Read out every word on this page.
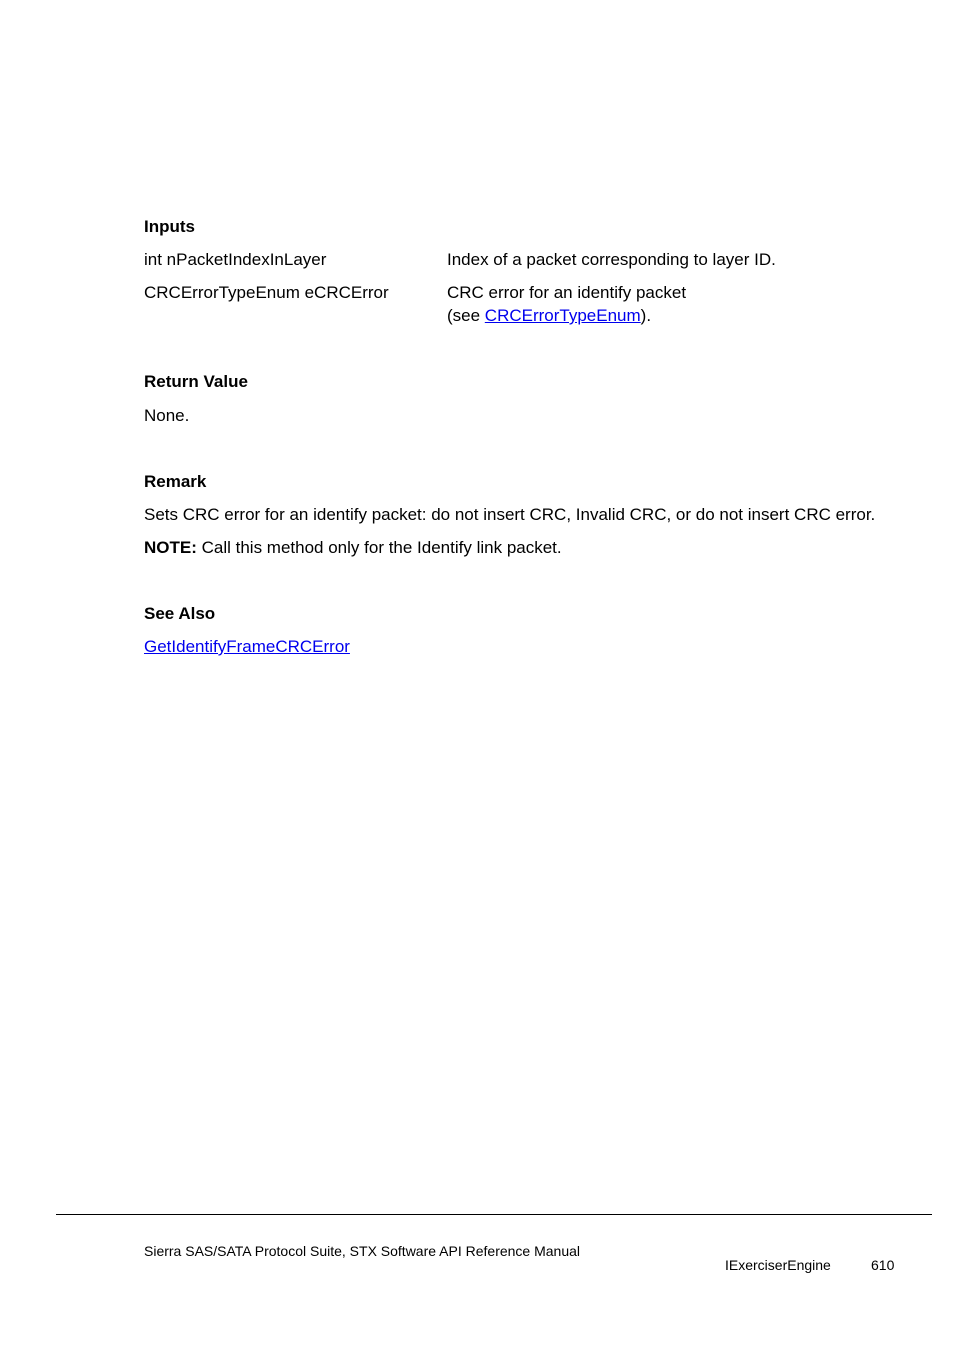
Inputs
int nPacketIndexInLayer	Index of a packet corresponding to layer ID.
CRCErrorTypeEnum eCRCError	CRC error for an identify packet
(see CRCErrorTypeEnum).
Return Value
None.
Remark
Sets CRC error for an identify packet: do not insert CRC, Invalid CRC, or do not insert CRC error.
NOTE: Call this method only for the Identify link packet.
See Also
GetIdentifyFrameCRCError
Sierra SAS/SATA Protocol Suite, STX Software API Reference Manual
IExerciserEngine	610
